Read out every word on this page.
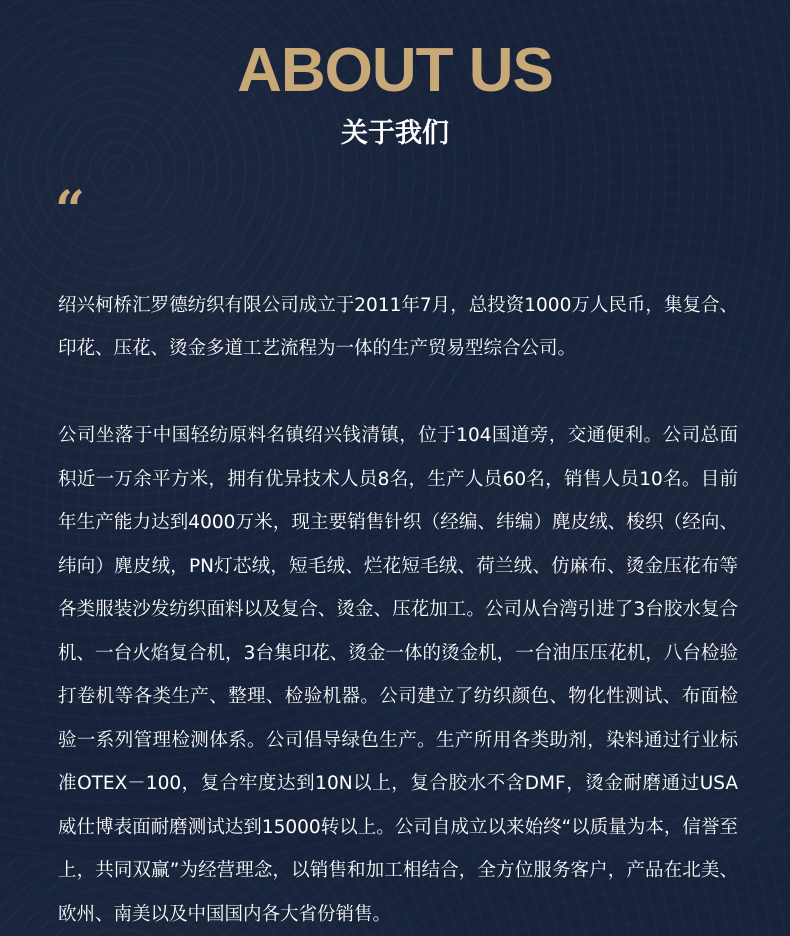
ABOUT US
关于我们
“

绍兴柯桥汇罗德纺织有限公司成立于2011年7月，总投资1000万人民币，集复合、印花、压花、烫金多道工艺流程为一体的生产贸易型综合公司。

公司坐落于中国轻纺原料名镇绍兴钱清镇，位于104国道旁，交通便利。公司总面积近一万余平方米，拥有优异技术人员8名，生产人员60名，销售人员10名。目前年生产能力达到4000万米，现主要销售针织（经编、纬编）麂皮绒、梭织（经向、纬向）麂皮绒，PN灯芯绒，短毛绒、烂花短毛绒、荷兰绒、仿麻布、烫金压花布等各类服装沙发纺织面料以及复合、烫金、压花加工。公司从台湾引进了3台胶水复合机、一台火焰复合机，3台集印花、烫金一体的烫金机，一台油压压花机，八台检验打卷机等各类生产、整理、检验机器。公司建立了纺织颜色、物化性测试、布面检验一系列管理检测体系。公司倡导绿色生产。生产所用各类助剂，染料通过行业标准OTEX－100，复合牢度达到10N以上，复合胶水不含DMF，烫金耐磨通过USA威仕博表面耐磨测试达到15000转以上。公司自成立以来始终“以质量为本，信誉至上，共同双赢”为经营理念，以销售和加工相结合，全方位服务客户，产品在北美、欧州、南美以及中国国内各大省份销售。
